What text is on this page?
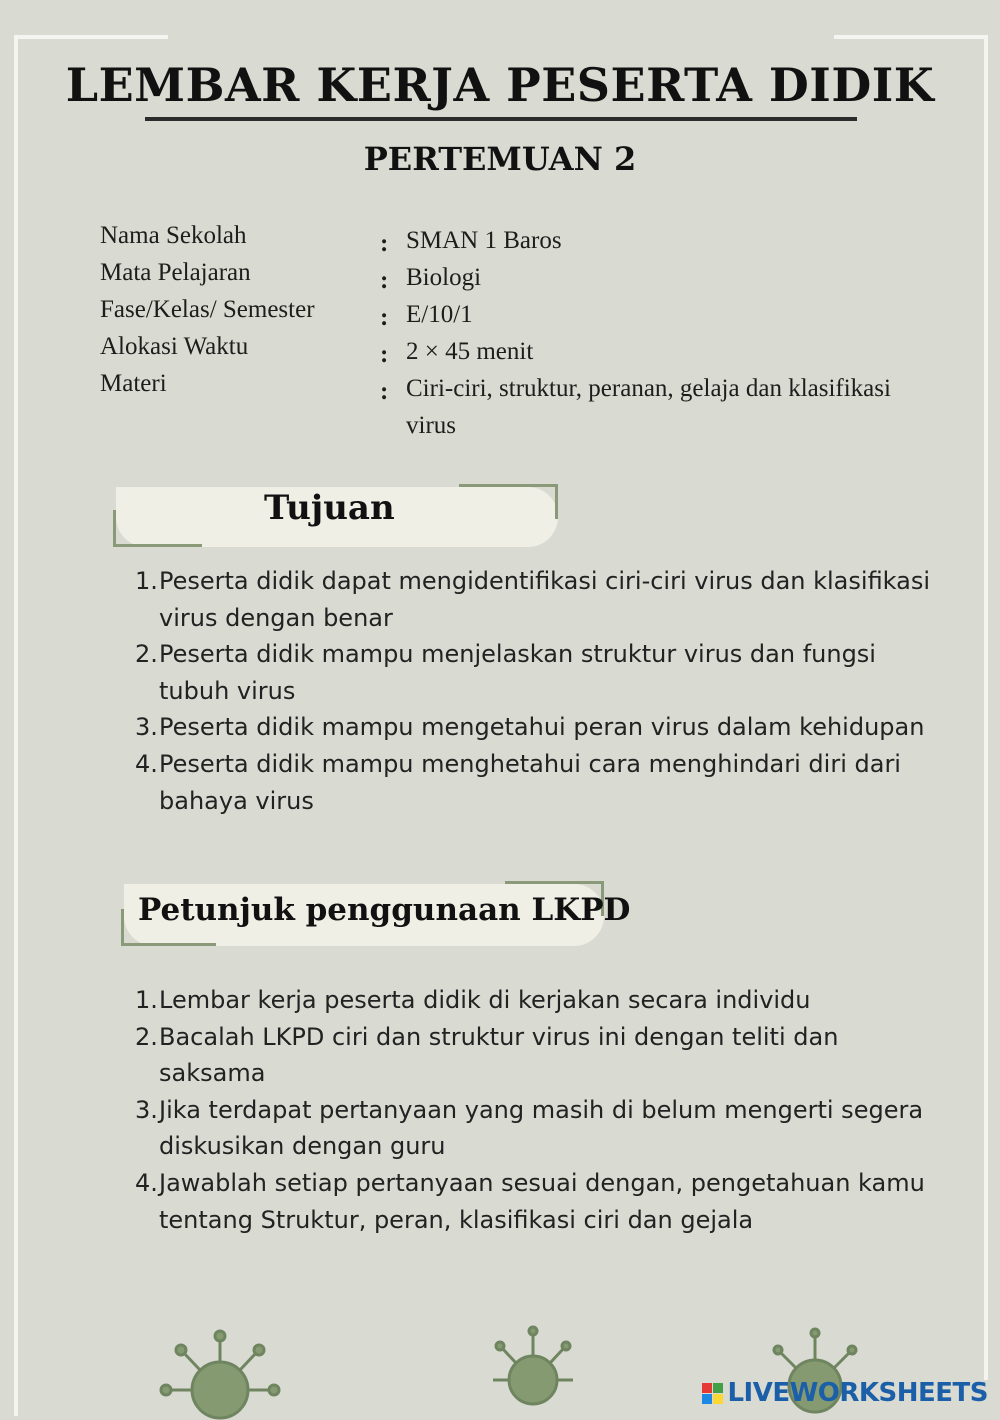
LEMBAR KERJA PESERTA DIDIK
PERTEMUAN 2
Nama Sekolah	: SMAN 1 Baros
Mata Pelajaran	: Biologi
Fase/Kelas/ Semester	: E/10/1
Alokasi Waktu	: 2 × 45 menit
Materi	: Ciri-ciri, struktur, peranan, gelaja dan klasifikasi virus
Tujuan
1. Peserta didik dapat mengidentifikasi ciri-ciri virus dan klasifikasi virus dengan benar
2. Peserta didik mampu menjelaskan struktur virus dan fungsi tubuh virus
3. Peserta didik mampu mengetahui peran virus dalam kehidupan
4. Peserta didik mampu menghetahui cara menghindari diri dari bahaya virus
Petunjuk penggunaan LKPD
1. Lembar kerja peserta didik di kerjakan secara individu
2. Bacalah LKPD ciri dan struktur virus ini dengan teliti dan saksama
3. Jika terdapat pertanyaan yang masih di belum mengerti segera diskusikan dengan guru
4. Jawablah setiap pertanyaan sesuai dengan, pengetahuan kamu tentang Struktur, peran, klasifikasi ciri dan gejala
LIVEWORKSHEETS
